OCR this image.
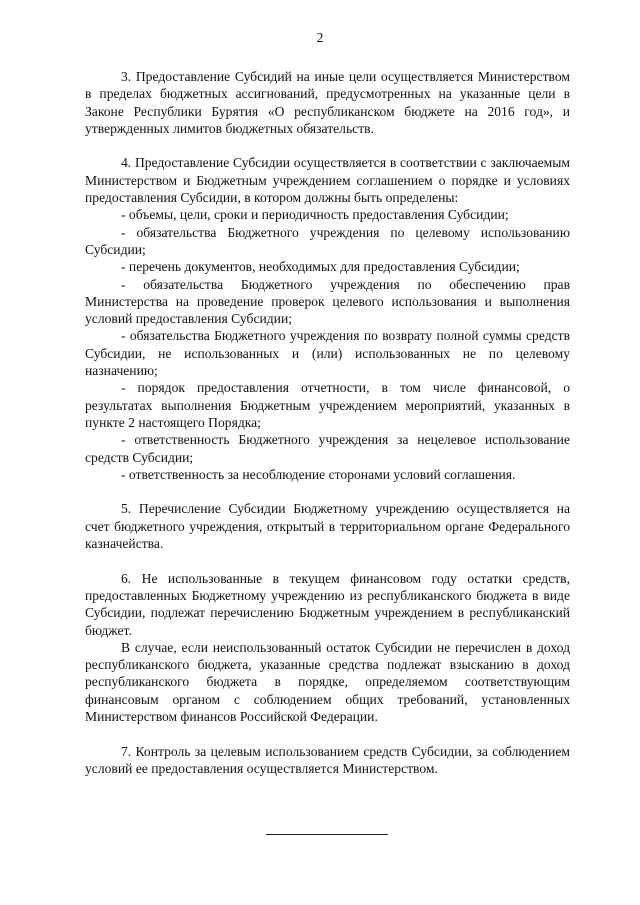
2

3. Предоставление Субсидий на иные цели осуществляется Министерством в пределах бюджетных ассигнований, предусмотренных на указанные цели в Законе Республики Бурятия «О республиканском бюджете на 2016 год», и утвержденных лимитов бюджетных обязательств.

4. Предоставление Субсидии осуществляется в соответствии с заключаемым Министерством и Бюджетным учреждением соглашением о порядке и условиях предоставления Субсидии, в котором должны быть определены:

- объемы, цели, сроки и периодичность предоставления Субсидии;

- обязательства Бюджетного учреждения по целевому использованию Субсидии;

- перечень документов, необходимых для предоставления Субсидии;

- обязательства Бюджетного учреждения по обеспечению прав Министерства на проведение проверок целевого использования и выполнения условий предоставления Субсидии;

- обязательства Бюджетного учреждения по возврату полной суммы средств Субсидии, не использованных и (или) использованных не по целевому назначению;

- порядок предоставления отчетности, в том числе финансовой, о результатах выполнения Бюджетным учреждением мероприятий, указанных в пункте 2 настоящего Порядка;

- ответственность Бюджетного учреждения за нецелевое использование средств Субсидии;

- ответственность за несоблюдение сторонами условий соглашения.

5. Перечисление Субсидии Бюджетному учреждению осуществляется на счет бюджетного учреждения, открытый в территориальном органе Федерального казначейства.

6. Не использованные в текущем финансовом году остатки средств, предоставленных Бюджетному учреждению из республиканского бюджета в виде Субсидии, подлежат перечислению Бюджетным учреждением в республиканский бюджет.

В случае, если неиспользованный остаток Субсидии не перечислен в доход республиканского бюджета, указанные средства подлежат взысканию в доход республиканского бюджета в порядке, определяемом соответствующим финансовым органом с соблюдением общих требований, установленных Министерством финансов Российской Федерации.

7. Контроль за целевым использованием средств Субсидии, за соблюдением условий ее предоставления осуществляется Министерством.
